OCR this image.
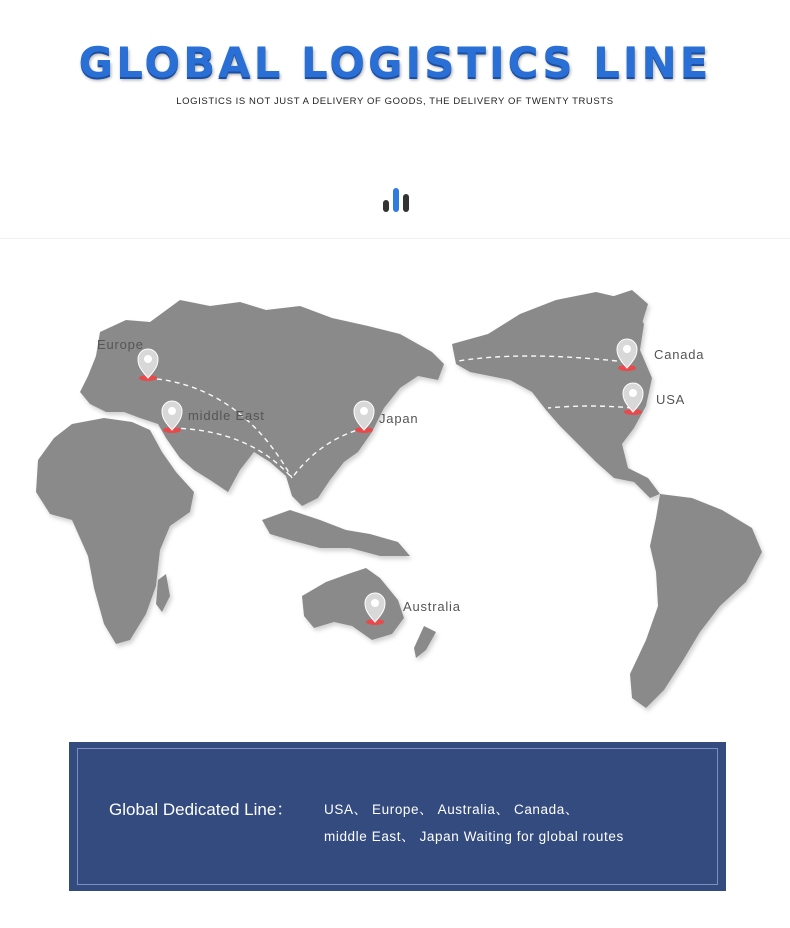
GLOBAL LOGISTICS LINE
LOGISTICS IS NOT JUST A DELIVERY OF GOODS, THE DELIVERY OF TWENTY TRUSTS
Europe
middle East	Japan
Canada
USA
Australia
Global Dedicated Line： USA、 Europe、 Australia、 Canada、
middle East、 Japan Waiting for global routes
